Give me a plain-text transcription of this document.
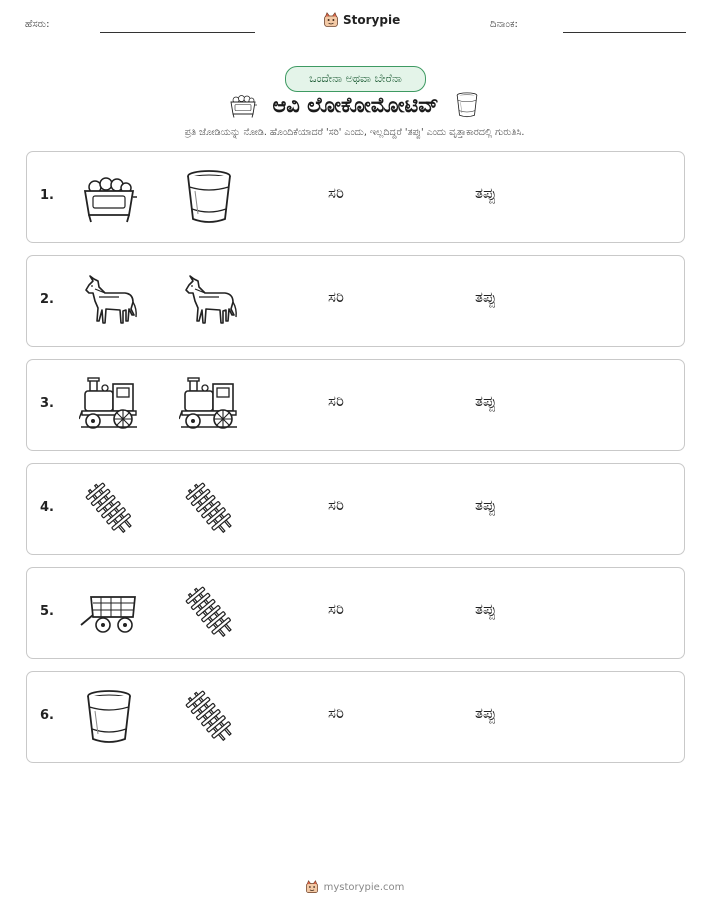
ಹೆಸರು:	Storypie	ದಿನಾಂಕ:
ಒಂದೇನಾ ಅಥವಾ ಬೇರೆನಾ
ಆವಿ ಲೋಕೋಮೋಟಿವ್
ಪ್ರತಿ ಜೋಡಿಯನ್ನು ನೋಡಿ. ಹೊಂದಿಕೆಯಾದರೆ 'ಸರಿ' ಎಂದು, ಇಲ್ಲದಿದ್ದರೆ 'ತಪ್ಪು' ಎಂದು ವೃತ್ತಾಕಾರದಲ್ಲಿ ಗುರುತಿಸಿ.
1.	ಸರಿ	ತಪ್ಪು
2.	ಸರಿ	ತಪ್ಪು
3.	ಸರಿ	ತಪ್ಪು
4.	ಸರಿ	ತಪ್ಪು
5.	ಸರಿ	ತಪ್ಪು
6.	ಸರಿ	ತಪ್ಪು
mystorypie.com
